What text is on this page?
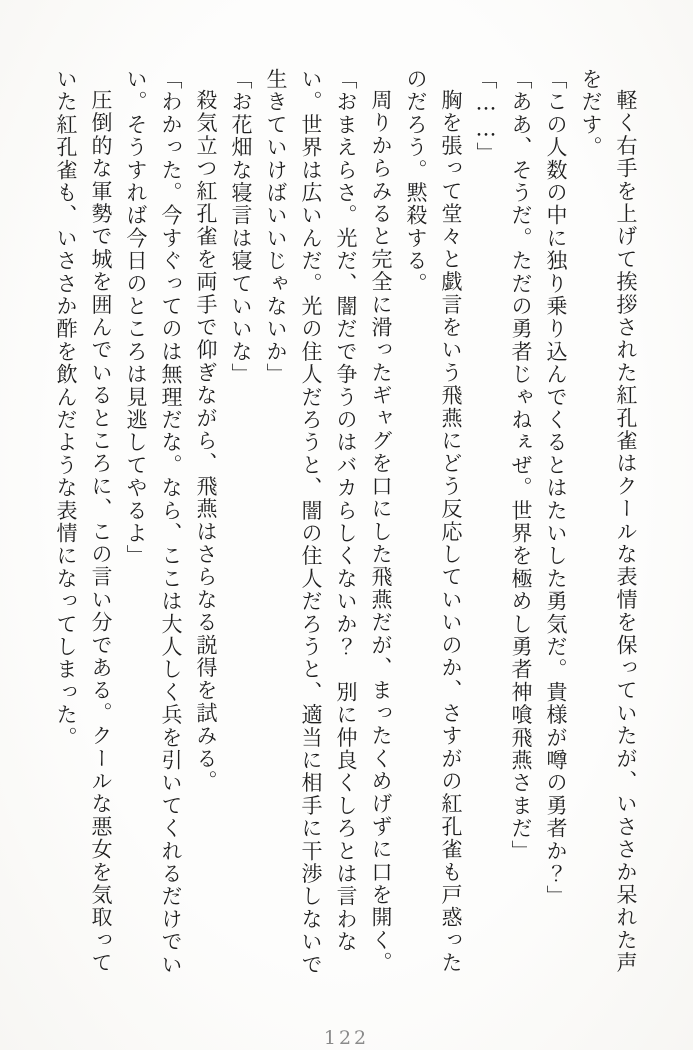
軽く右手を上げて挨拶された紅孔雀はクールな表情を保っていたが、いささか呆れた声をだす。

「この人数の中に独り乗り込んでくるとはたいした勇気だ。貴様が噂の勇者か？」

「ああ、そうだ。ただの勇者じゃねぇぜ。世界を極めし勇者神喰飛燕さまだ」

「……」

胸を張って堂々と戯言をいう飛燕にどう反応していいのか、さすがの紅孔雀も戸惑ったのだろう。黙殺する。

周りからみると完全に滑ったギャグを口にした飛燕だが、まったくめげずに口を開く。

「おまえらさ。光だ、闇だで争うのはバカらしくないか？　別に仲良くしろとは言わない。世界は広いんだ。光の住人だろうと、闇の住人だろうと、適当に相手に干渉しないで生きていけばいいじゃないか」

「お花畑な寝言は寝ていいな」

殺気立つ紅孔雀を両手で仰ぎながら、飛燕はさらなる説得を試みる。

「わかった。今すぐってのは無理だな。なら、ここは大人しく兵を引いてくれるだけでいい。そうすれば今日のところは見逃してやるよ」

圧倒的な軍勢で城を囲んでいるところに、この言い分である。クールな悪女を気取っていた紅孔雀も、いささか酢を飲んだような表情になってしまった。

122
